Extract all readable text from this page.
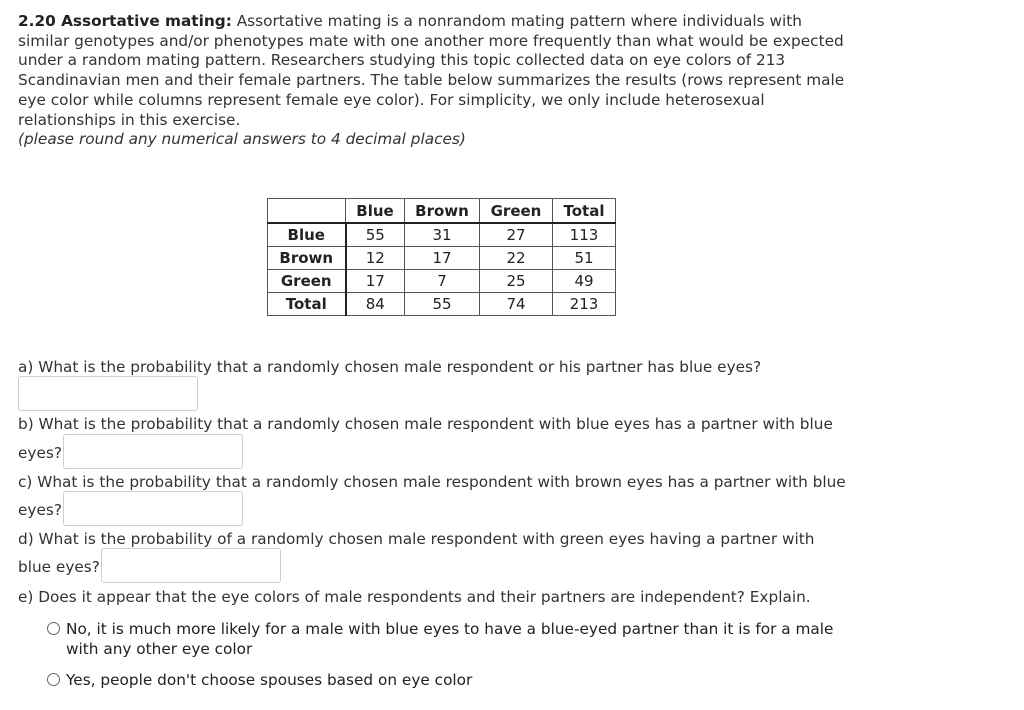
2.20 Assortative mating: Assortative mating is a nonrandom mating pattern where individuals with similar genotypes and/or phenotypes mate with one another more frequently than what would be expected under a random mating pattern. Researchers studying this topic collected data on eye colors of 213 Scandinavian men and their female partners. The table below summarizes the results (rows represent male eye color while columns represent female eye color). For simplicity, we only include heterosexual relationships in this exercise.
(please round any numerical answers to 4 decimal places)
	Blue	Brown	Green	Total
Blue	55	31	27	113
Brown	12	17	22	51
Green	17	7	25	49
Total	84	55	74	213
a) What is the probability that a randomly chosen male respondent or his partner has blue eyes?
b) What is the probability that a randomly chosen male respondent with blue eyes has a partner with blue
eyes?
c) What is the probability that a randomly chosen male respondent with brown eyes has a partner with blue
eyes?
d) What is the probability of a randomly chosen male respondent with green eyes having a partner with
blue eyes?
e) Does it appear that the eye colors of male respondents and their partners are independent? Explain.
No, it is much more likely for a male with blue eyes to have a blue-eyed partner than it is for a male with any other eye color
Yes, people don't choose spouses based on eye color
